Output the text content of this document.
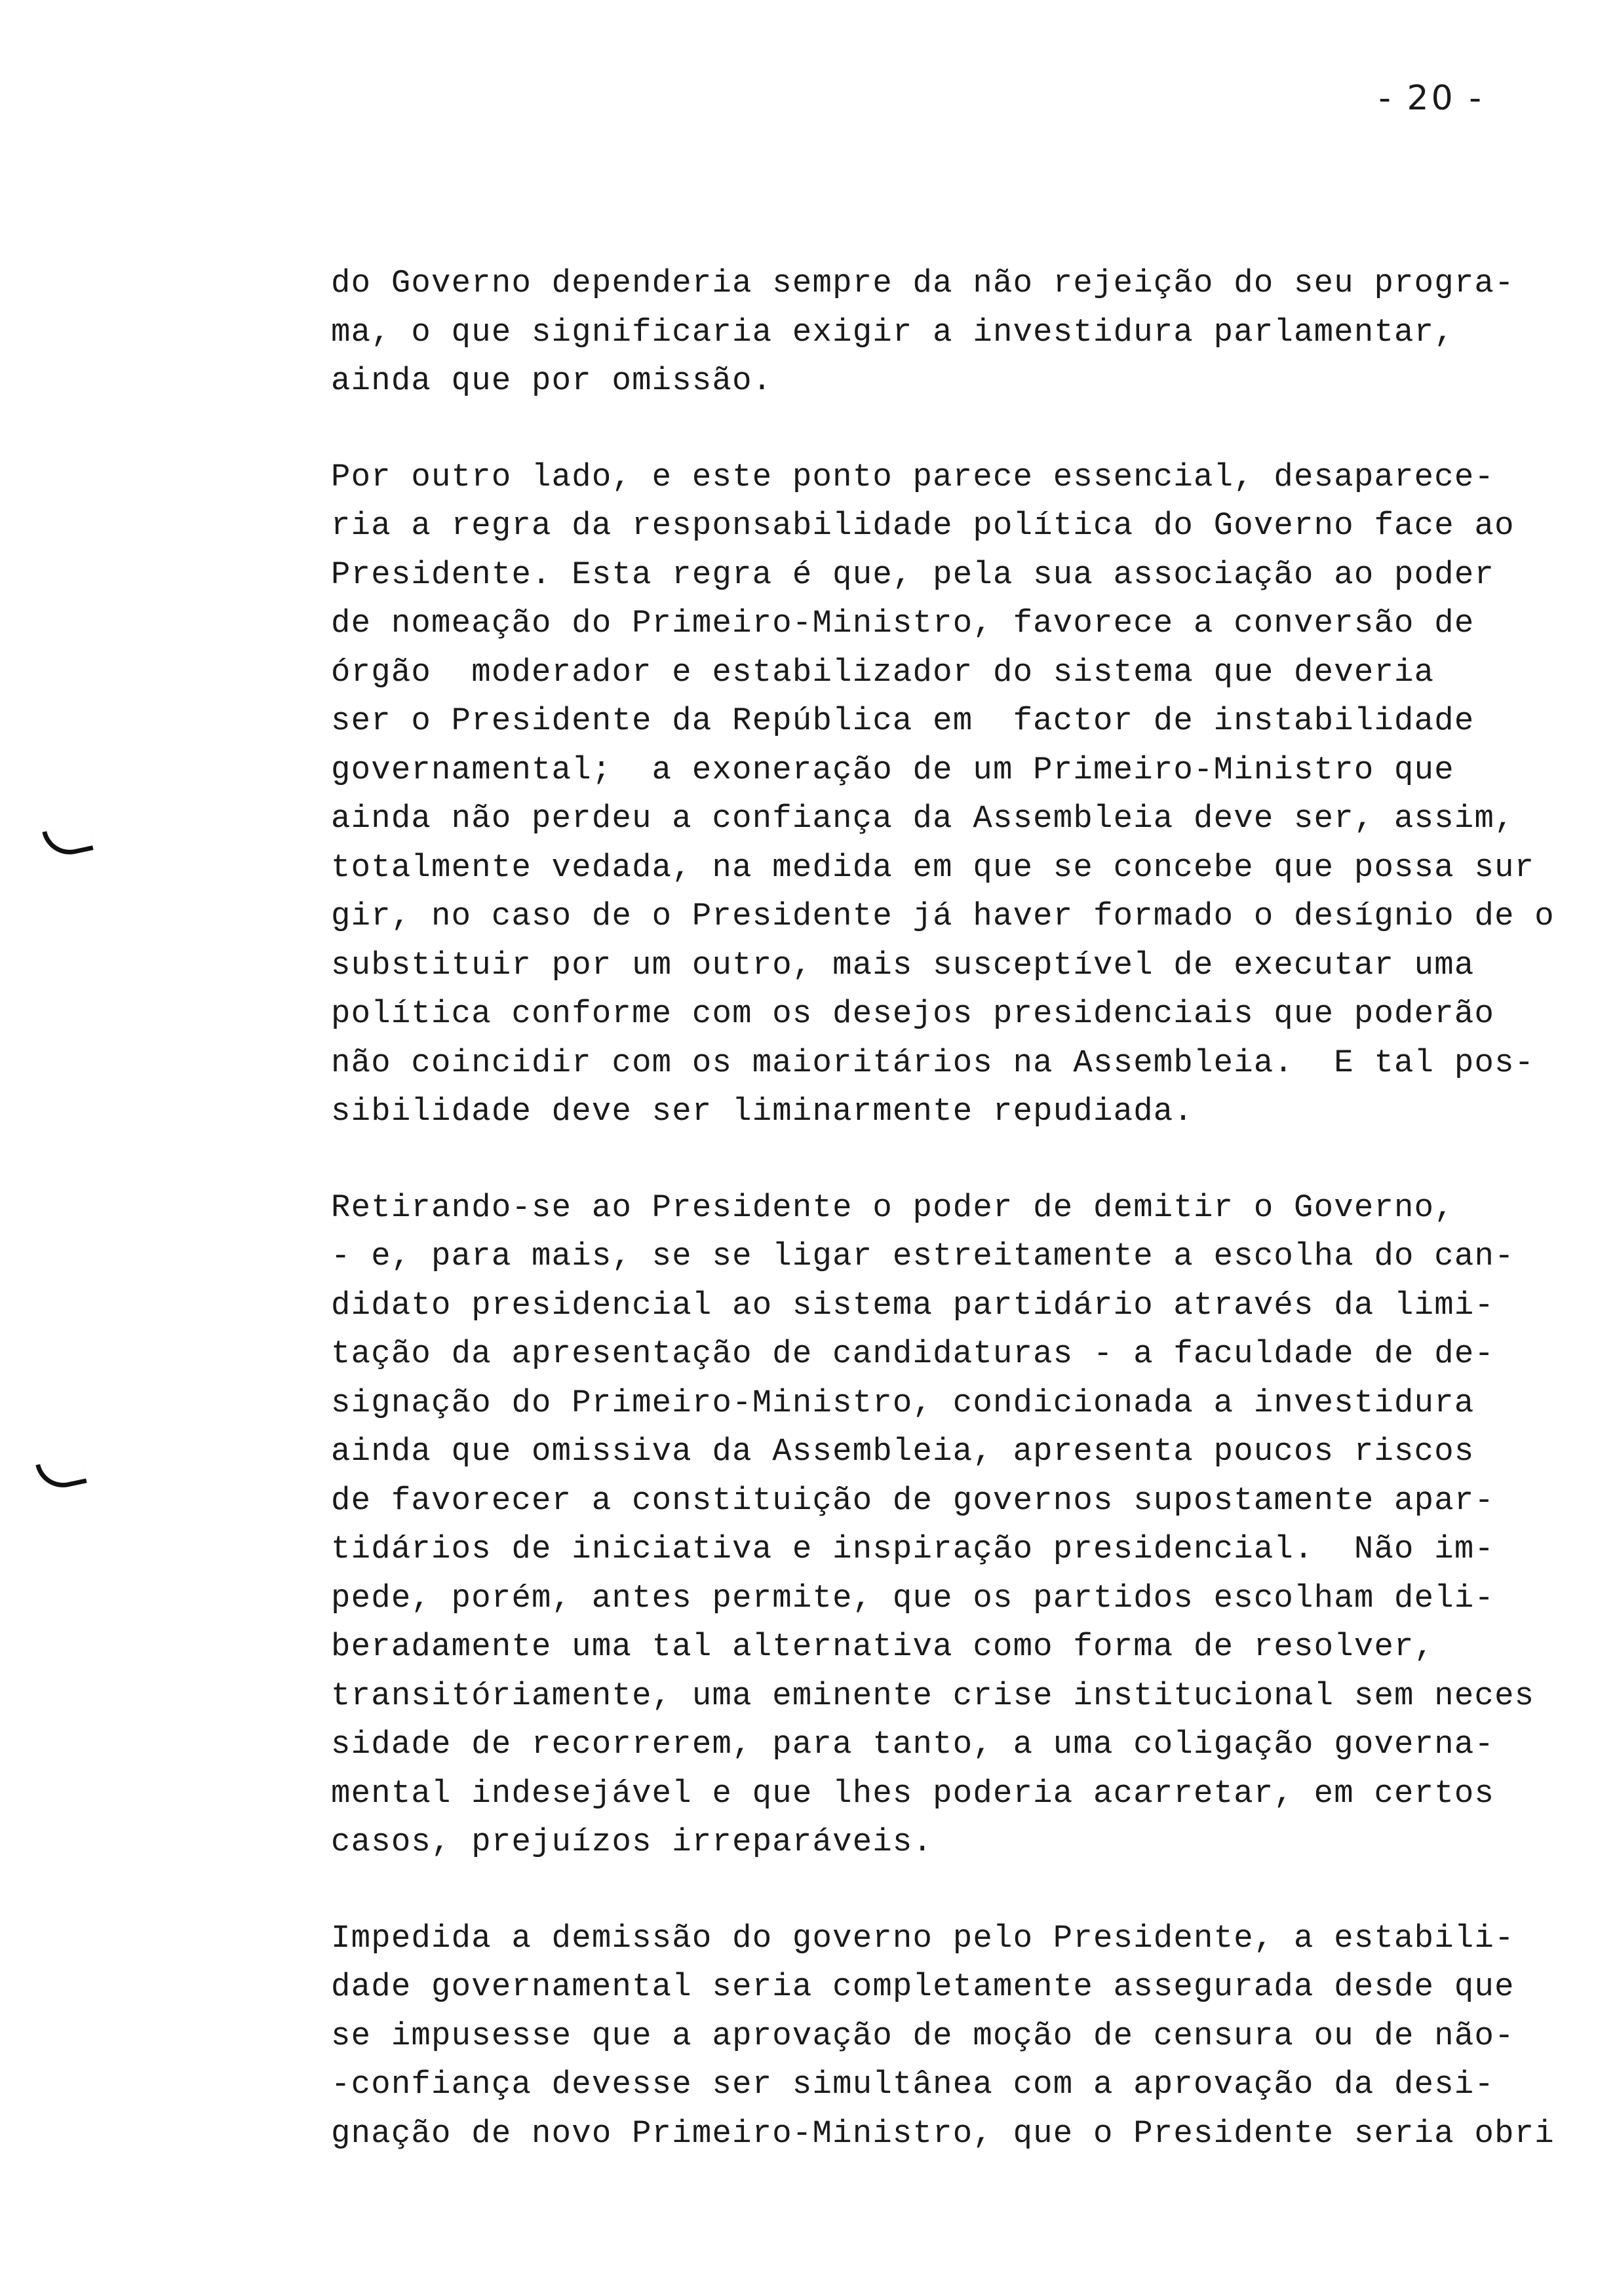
- 20 -
do Governo dependeria sempre da não rejeição do seu progra-
ma, o que significaria exigir a investidura parlamentar,
ainda que por omissão.
Por outro lado, e este ponto parece essencial, desaparece-
ria a regra da responsabilidade política do Governo face ao
Presidente. Esta regra é que, pela sua associação ao poder
de nomeação do Primeiro-Ministro, favorece a conversão de
órgão  moderador e estabilizador do sistema que deveria
ser o Presidente da República em  factor de instabilidade
governamental;  a exoneração de um Primeiro-Ministro que
ainda não perdeu a confiança da Assembleia deve ser, assim,
totalmente vedada, na medida em que se concebe que possa sur
gir, no caso de o Presidente já haver formado o desígnio de o
substituir por um outro, mais susceptível de executar uma
política conforme com os desejos presidenciais que poderão
não coincidir com os maioritários na Assembleia.  E tal pos-
sibilidade deve ser liminarmente repudiada.
Retirando-se ao Presidente o poder de demitir o Governo,
- e, para mais, se se ligar estreitamente a escolha do can-
didato presidencial ao sistema partidário através da limi-
tação da apresentação de candidaturas - a faculdade de de-
signação do Primeiro-Ministro, condicionada a investidura
ainda que omissiva da Assembleia, apresenta poucos riscos
de favorecer a constituição de governos supostamente apar-
tidários de iniciativa e inspiração presidencial.  Não im-
pede, porém, antes permite, que os partidos escolham deli-
beradamente uma tal alternativa como forma de resolver,
transitóriamente, uma eminente crise institucional sem neces
sidade de recorrerem, para tanto, a uma coligação governa-
mental indesejável e que lhes poderia acarretar, em certos
casos, prejuízos irreparáveis.
Impedida a demissão do governo pelo Presidente, a estabili-
dade governamental seria completamente assegurada desde que
se impusesse que a aprovação de moção de censura ou de não-
-confiança devesse ser simultânea com a aprovação da desi-
gnação de novo Primeiro-Ministro, que o Presidente seria obri
